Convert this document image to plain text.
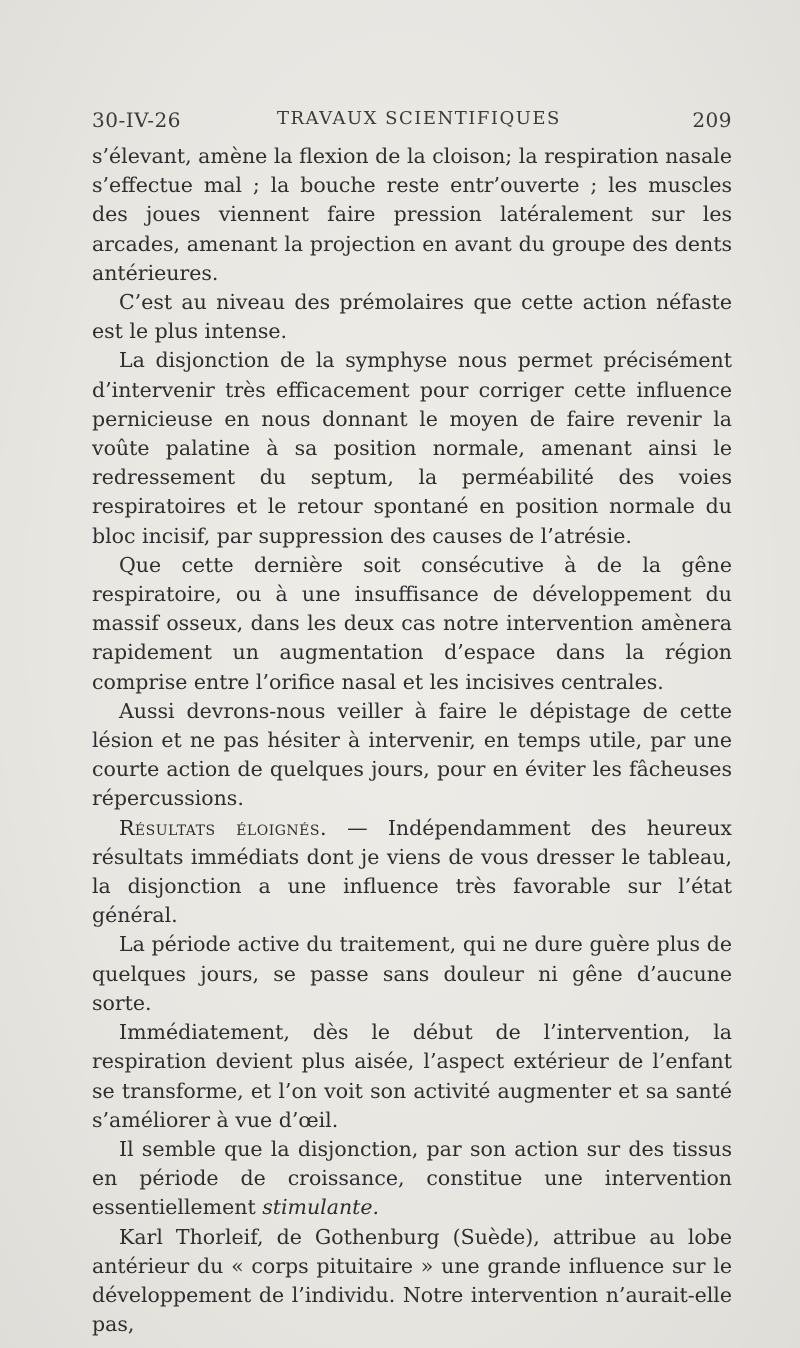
30-IV-26	TRAVAUX SCIENTIFIQUES	209

s’élevant, amène la flexion de la cloison; la respiration nasale s’effectue mal ; la bouche reste entr’ouverte ; les muscles des joues viennent faire pression latéralement sur les arcades, amenant la projection en avant du groupe des dents antérieures.

C’est au niveau des prémolaires que cette action néfaste est le plus intense.

La disjonction de la symphyse nous permet précisément d’intervenir très efficacement pour corriger cette influence pernicieuse en nous donnant le moyen de faire revenir la voûte palatine à sa position normale, amenant ainsi le redressement du septum, la perméabilité des voies respiratoires et le retour spontané en position normale du bloc incisif, par suppression des causes de l’atrésie.

Que cette dernière soit consécutive à de la gêne respiratoire, ou à une insuffisance de développement du massif osseux, dans les deux cas notre intervention amènera rapidement un augmentation d’espace dans la région comprise entre l’orifice nasal et les incisives centrales.

Aussi devrons-nous veiller à faire le dépistage de cette lésion et ne pas hésiter à intervenir, en temps utile, par une courte action de quelques jours, pour en éviter les fâcheuses répercussions.

Résultats éloignés. — Indépendamment des heureux résultats immédiats dont je viens de vous dresser le tableau, la disjonction a une influence très favorable sur l’état général.

La période active du traitement, qui ne dure guère plus de quelques jours, se passe sans douleur ni gêne d’aucune sorte.

Immédiatement, dès le début de l’intervention, la respiration devient plus aisée, l’aspect extérieur de l’enfant se transforme, et l’on voit son activité augmenter et sa santé s’améliorer à vue d’œil.

Il semble que la disjonction, par son action sur des tissus en période de croissance, constitue une intervention essentiellement stimulante.

Karl Thorleif, de Gothenburg (Suède), attribue au lobe antérieur du « corps pituitaire » une grande influence sur le développement de l’individu. Notre intervention n’aurait-elle pas,
